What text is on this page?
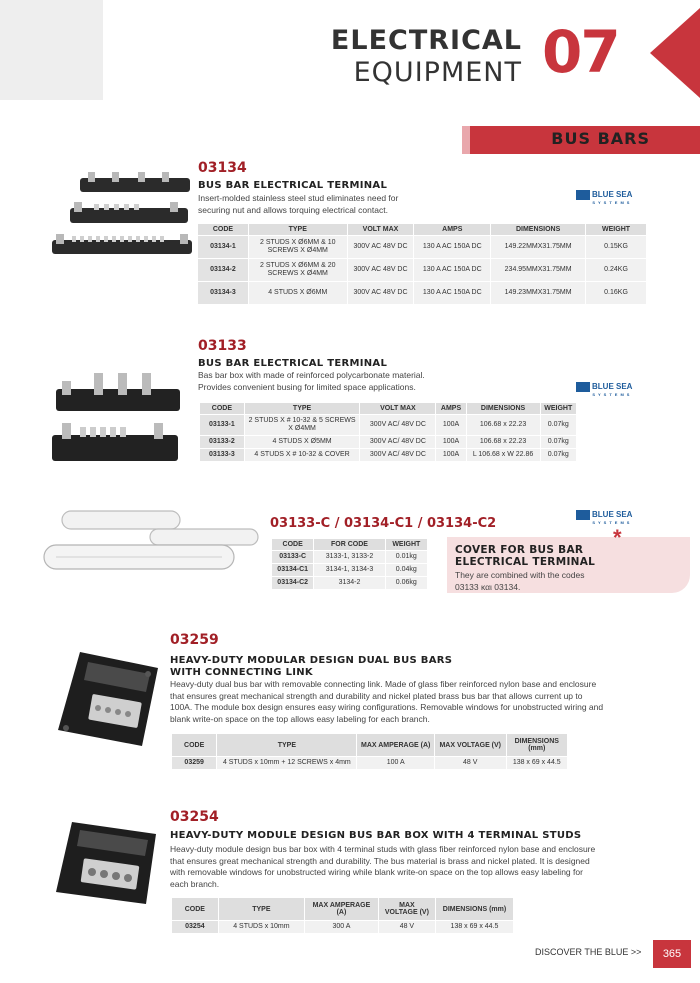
ELECTRICAL
EQUIPMENT 07
BUS BARS
03134
BUS BAR ELECTRICAL TERMINAL
Insert-molded stainless steel stud eliminates need for
securing nut and allows torquing electrical contact.
BLUE SEA
SYSTEMS
CODE	TYPE	VOLT MAX	AMPS	DIMENSIONS	WEIGHT
03134-1	2 STUDS X Ø6MM & 10 SCREWS X Ø4MM	300V AC 48V DC	130 A AC 150A DC	149.22MMX31.75MM	0.15KG
03134-2	2 STUDS X Ø6MM & 20 SCREWS X Ø4MM	300V AC 48V DC	130 A AC 150A DC	234.95MMX31.75MM	0.24KG
03134-3	4 STUDS X Ø6MM	300V AC 48V DC	130 A AC 150A DC	149.23MMX31.75MM	0.16KG
03133
BUS BAR ELECTRICAL TERMINAL
Bas bar box with made of reinforced polycarbonate material.
Provides convenient busing for limited space applications.	BLUE SEA
SYSTEMS
CODE	TYPE	VOLT MAX	AMPS	DIMENSIONS	WEIGHT
03133-1	2 STUDS X # 10-32 & 5 SCREWS X Ø4MM	300V AC/ 48V DC	100A	106.68 x 22.23	0.07kg
03133-2	4 STUDS X Ø5MM	300V AC/ 48V DC	100A	106.68 x 22.23	0.07kg
03133-3	4 STUDS X # 10-32 & COVER	300V AC/ 48V DC	100A	L 106.68 x W 22.86	0.07kg
03133-C / 03134-C1 / 03134-C2
BLUE SEA
SYSTEMS
CODE	FOR CODE	WEIGHT
03133-C	3133-1, 3133-2	0.01kg
03134-C1	3134-1, 3134-3	0.04kg
03134-C2	3134-2	0.06kg
*
COVER FOR BUS BAR
ELECTRICAL TERMINAL
They are combined with the codes
03133 και 03134.
03259
HEAVY-DUTY MODULAR DESIGN DUAL BUS BARS
WITH CONNECTING LINK
Heavy-duty dual bus bar with removable connecting link. Made of glass fiber reinforced nylon base and enclosure
that ensures great mechanical strength and durability and nickel plated brass bus bar that allows current up to
100A. The module box design ensures easy wiring configurations. Removable windows for unobstructed wiring and
blank write-on space on the top allows easy labeling for each branch.
CODE	TYPE	MAX AMPERAGE (A)	MAX VOLTAGE (V)	DIMENSIONS (mm)
03259	4 STUDS x 10mm + 12 SCREWS x 4mm	100 A	48 V	138 x 69 x 44.5
03254
HEAVY-DUTY MODULE DESIGN BUS BAR BOX WITH 4 TERMINAL STUDS
Heavy-duty module design bus bar box with 4 terminal studs with glass fiber reinforced nylon base and enclosure
that ensures great mechanical strength and durability. The bus material is brass and nickel plated. It is designed
with removable windows for unobstructed wiring while blank write-on space on the top allows easy labeling for
each branch.
CODE	TYPE	MAX AMPERAGE (A)	MAX VOLTAGE (V)	DIMENSIONS (mm)
03254	4 STUDS x 10mm	300 A	48 V	138 x 69 x 44.5
DISCOVER THE BLUE >>	365
